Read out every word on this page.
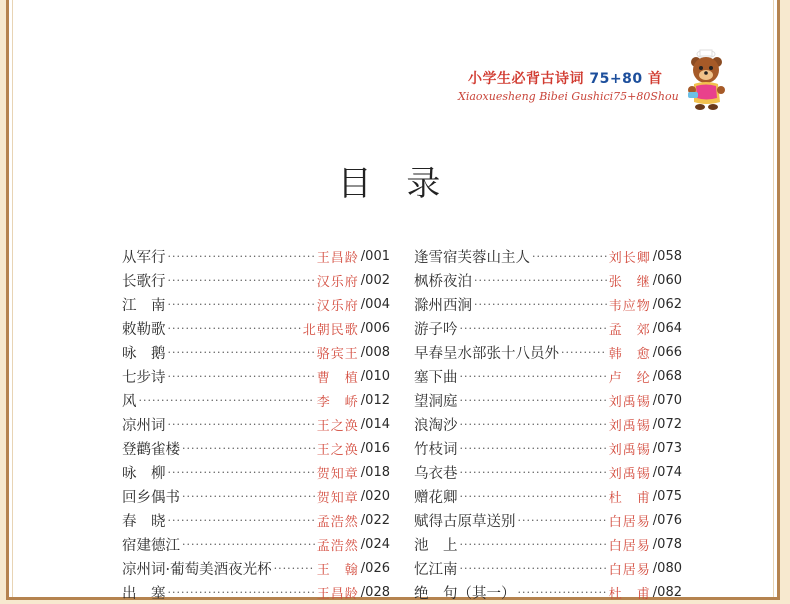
小学生必背古诗词 75+80 首
Xiaoxuesheng Bibei Gushici75+80Shou
目 录
从军行 ·····	王昌龄 /001
长歌行 ·····	汉乐府 /002
江　南 ·····	汉乐府 /004
敕勒歌 ·····	北朝民歌 /006
咏　鹅 ·····	骆宾王 /008
七步诗 ·····	曹　植 /010
风 ·····	李　峤 /012
凉州词 ·····	王之涣 /014
登鹳雀楼 ·····	王之涣 /016
咏　柳 ·····	贺知章 /018
回乡偶书 ·····	贺知章 /020
春　晓 ·····	孟浩然 /022
宿建德江 ·····	孟浩然 /024
凉州词·葡萄美酒夜光杯 ·····	王　翰 /026
出　塞 ·····	王昌龄 /028
逢雪宿芙蓉山主人 ·····	刘长卿 /058
枫桥夜泊 ·····	张　继 /060
滁州西涧 ·····	韦应物 /062
游子吟 ·····	孟　郊 /064
早春呈水部张十八员外 ·····	韩　愈 /066
塞下曲 ·····	卢　纶 /068
望洞庭 ·····	刘禹锡 /070
浪淘沙 ·····	刘禹锡 /072
竹枝词 ·····	刘禹锡 /073
乌衣巷 ·····	刘禹锡 /074
赠花卿 ·····	杜　甫 /075
赋得古原草送别 ·····	白居易 /076
池　上 ·····	白居易 /078
忆江南 ·····	白居易 /080
绝　句（其一） ·····	杜　甫 /082
